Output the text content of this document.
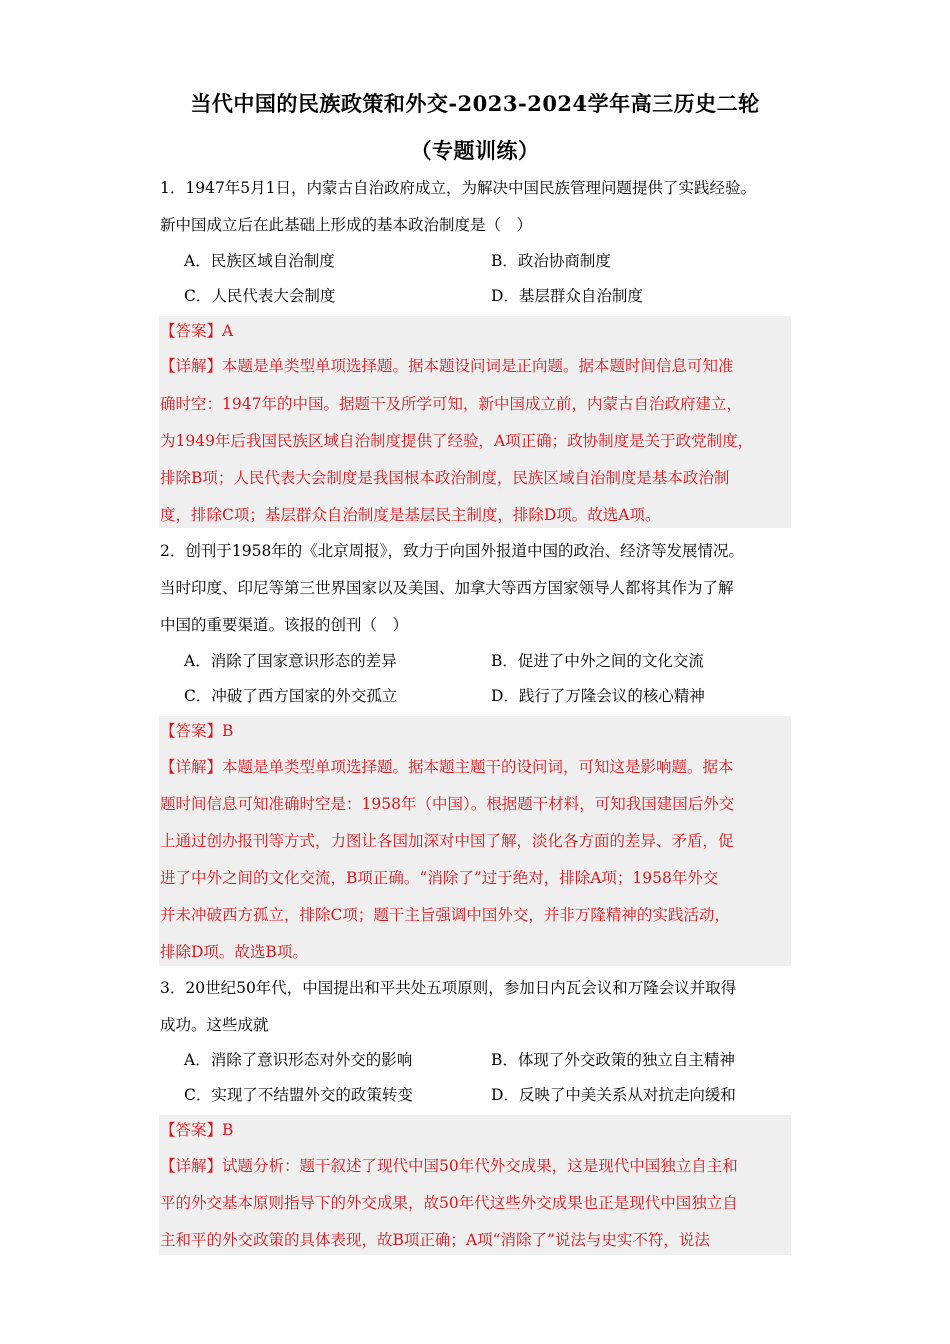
当代中国的民族政策和外交-2023-2024学年高三历史二轮
（专题训练）
1．1947年5月1日，内蒙古自治政府成立，为解决中国民族管理问题提供了实践经验。
新中国成立后在此基础上形成的基本政治制度是（　）
A．民族区域自治制度	B．政治协商制度
C．人民代表大会制度	D．基层群众自治制度
【答案】A
【详解】本题是单类型单项选择题。据本题设问词是正向题。据本题时间信息可知准
确时空：1947年的中国。据题干及所学可知，新中国成立前，内蒙古自治政府建立，
为1949年后我国民族区域自治制度提供了经验，A项正确；政协制度是关于政党制度，
排除B项；人民代表大会制度是我国根本政治制度，民族区域自治制度是基本政治制
度，排除C项；基层群众自治制度是基层民主制度，排除D项。故选A项。
2．创刊于1958年的《北京周报》，致力于向国外报道中国的政治、经济等发展情况。
当时印度、印尼等第三世界国家以及美国、加拿大等西方国家领导人都将其作为了解
中国的重要渠道。该报的创刊（　）
A．消除了国家意识形态的差异	B．促进了中外之间的文化交流
C．冲破了西方国家的外交孤立	D．践行了万隆会议的核心精神
【答案】B
【详解】本题是单类型单项选择题。据本题主题干的设问词，可知这是影响题。据本
题时间信息可知准确时空是：1958年（中国）。根据题干材料，可知我国建国后外交
上通过创办报刊等方式，力图让各国加深对中国了解，淡化各方面的差异、矛盾，促
进了中外之间的文化交流，B项正确。“消除了”过于绝对，排除A项；1958年外交
并未冲破西方孤立，排除C项；题干主旨强调中国外交，并非万隆精神的实践活动，
排除D项。故选B项。
3．20世纪50年代，中国提出和平共处五项原则，参加日内瓦会议和万隆会议并取得
成功。这些成就
A．消除了意识形态对外交的影响	B．体现了外交政策的独立自主精神
C．实现了不结盟外交的政策转变	D．反映了中美关系从对抗走向缓和
【答案】B
【详解】试题分析：题干叙述了现代中国50年代外交成果，这是现代中国独立自主和
平的外交基本原则指导下的外交成果，故50年代这些外交成果也正是现代中国独立自
主和平的外交政策的具体表现，故B项正确；A项“消除了”说法与史实不符，说法
